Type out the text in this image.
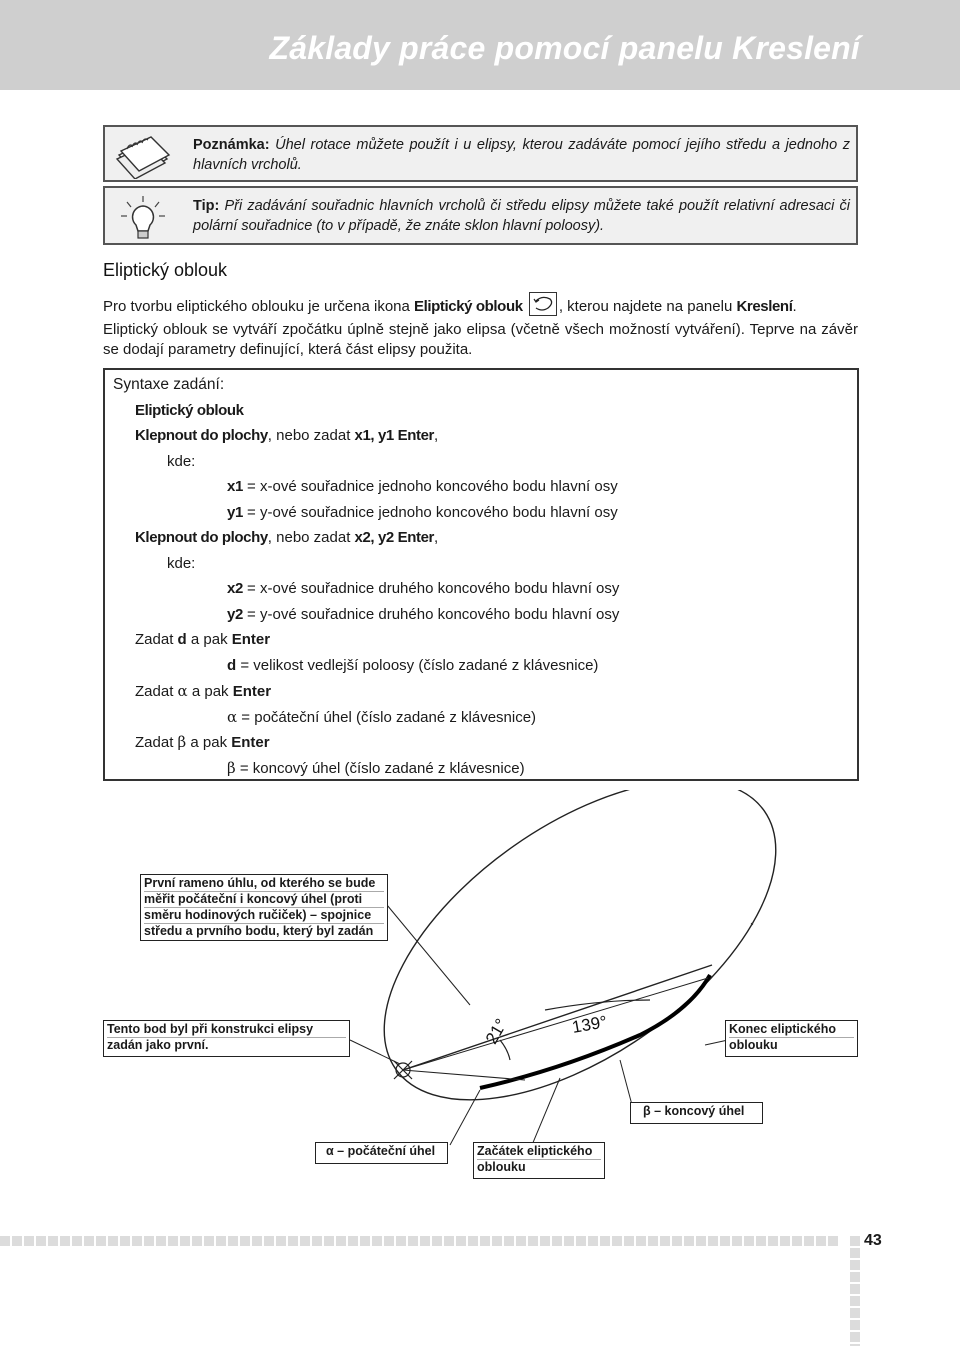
Základy práce pomocí panelu Kreslení
Poznámka: Úhel rotace můžete použít i u elipsy, kterou zadáváte pomocí jejího středu a jednoho z hlavních vrcholů.
Tip: Při zadávání souřadnic hlavních vrcholů či středu elipsy můžete také použít relativní adresaci či polární souřadnice (to v případě, že znáte sklon hlavní poloosy).
Eliptický oblouk

Pro tvorbu eliptického oblouku je určena ikona Eliptický oblouk , kterou najdete na panelu Kreslení.

Eliptický oblouk se vytváří zpočátku úplně stejně jako elipsa (včetně všech možností vytváření). Teprve na závěr se dodají parametry definující, která část elipsy použita.

Syntaxe zadání:
Eliptický oblouk
Klepnout do plochy, nebo zadat x1, y1 Enter,
kde:
x1 = x-ové souřadnice jednoho koncového bodu hlavní osy
y1 = y-ové souřadnice jednoho koncového bodu hlavní osy
Klepnout do plochy, nebo zadat x2, y2 Enter,
kde:
x2 = x-ové souřadnice druhého koncového bodu hlavní osy
y2 = y-ové souřadnice druhého koncového bodu hlavní osy
Zadat d a pak Enter
d = velikost vedlejší poloosy (číslo zadané z klávesnice)
Zadat α a pak Enter
α = počáteční úhel (číslo zadané z klávesnice)
Zadat β a pak Enter
β = koncový úhel (číslo zadané z klávesnice)
21°	139°
První rameno úhlu, od kterého se bude
měřit počáteční i koncový úhel (proti
směru hodinových ručiček) – spojnice
středu a prvního bodu, který byl zadán
Tento bod byl při konstrukci elipsy
zadán jako první.
Konec eliptického
oblouku
β – koncový úhel
α – počáteční úhel	Začátek eliptického
oblouku
43
